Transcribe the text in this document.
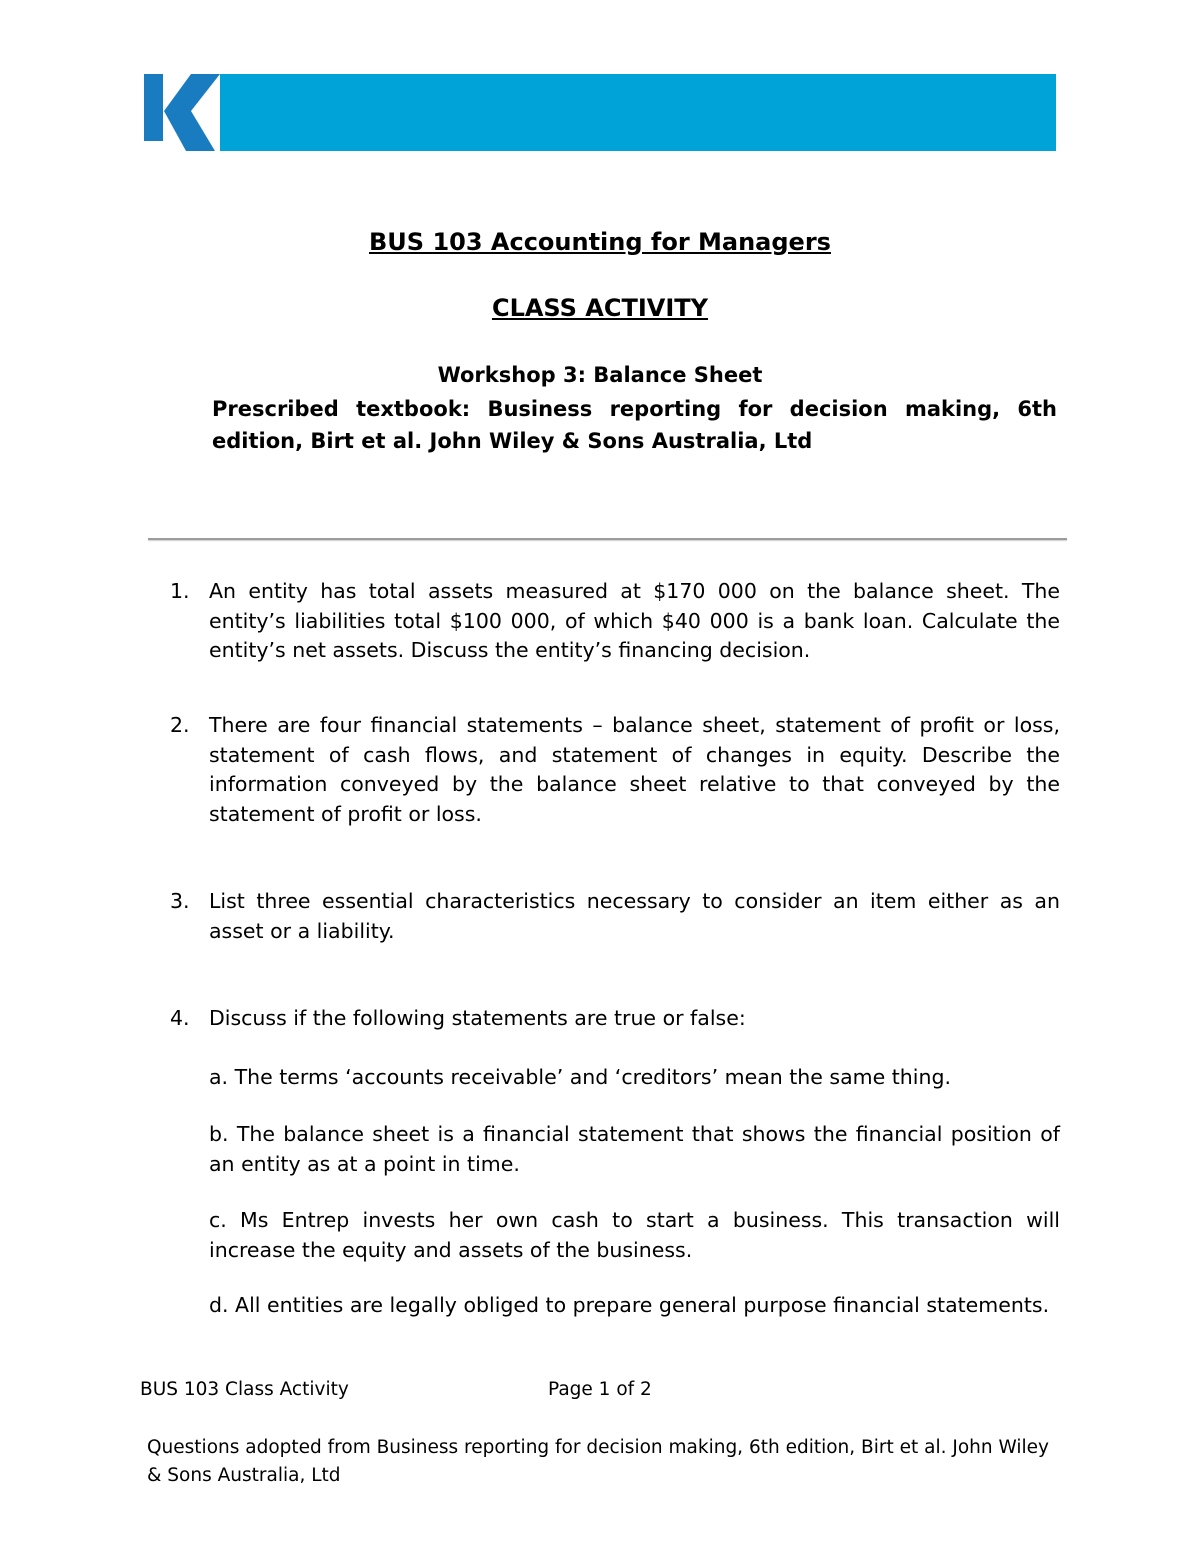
BUS 103 Accounting for Managers
CLASS ACTIVITY
Workshop 3: Balance Sheet
Prescribed textbook: Business reporting for decision making, 6th edition, Birt et al. John Wiley & Sons Australia, Ltd
1. An entity has total assets measured at $170 000 on the balance sheet. The entity’s liabilities total $100 000, of which $40 000 is a bank loan. Calculate the entity’s net assets. Discuss the entity’s financing decision.
2. There are four financial statements – balance sheet, statement of profit or loss, statement of cash flows, and statement of changes in equity. Describe the information conveyed by the balance sheet relative to that conveyed by the statement of profit or loss.
3. List three essential characteristics necessary to consider an item either as an asset or a liability.
4. Discuss if the following statements are true or false:
a. The terms ‘accounts receivable’ and ‘creditors’ mean the same thing.
b. The balance sheet is a financial statement that shows the financial position of an entity as at a point in time.
c. Ms Entrep invests her own cash to start a business. This transaction will increase the equity and assets of the business.
d. All entities are legally obliged to prepare general purpose financial statements.
BUS 103 Class Activity	Page 1 of 2
Questions adopted from Business reporting for decision making, 6th edition, Birt et al. John Wiley & Sons Australia, Ltd
